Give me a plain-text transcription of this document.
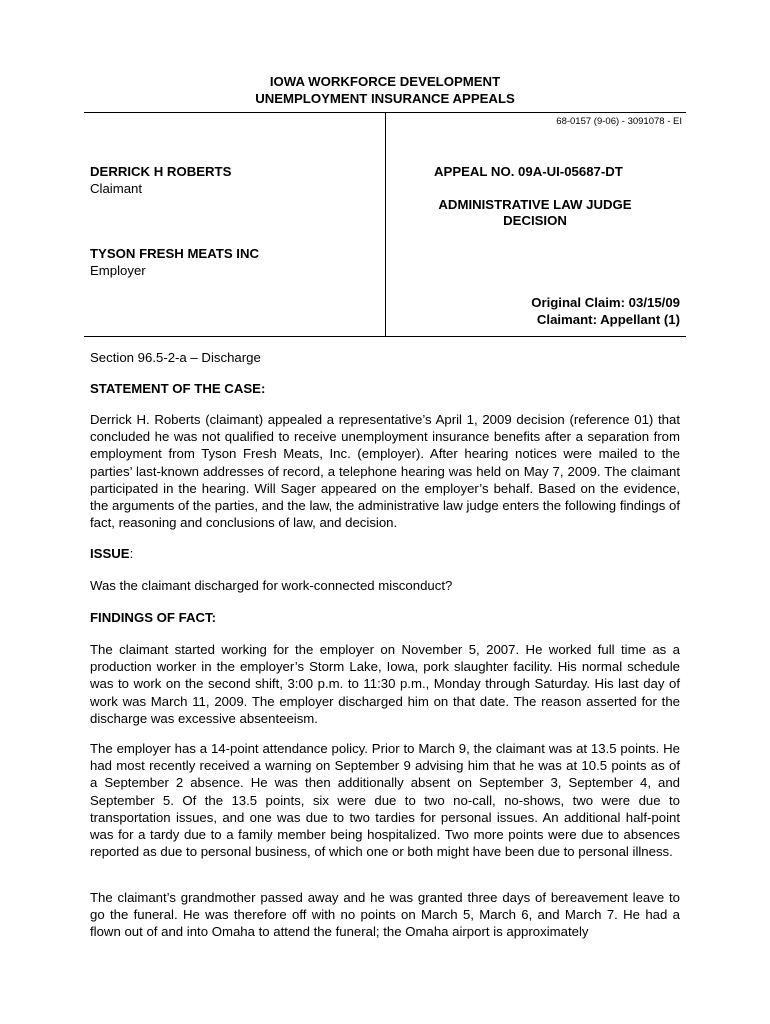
IOWA WORKFORCE DEVELOPMENT
UNEMPLOYMENT INSURANCE APPEALS
68-0157 (9-06) - 3091078 - EI
DERRICK H ROBERTS
Claimant
TYSON FRESH MEATS INC
Employer
APPEAL NO. 09A-UI-05687-DT
ADMINISTRATIVE LAW JUDGE
DECISION
Original Claim: 03/15/09
Claimant: Appellant (1)
Section 96.5-2-a – Discharge
STATEMENT OF THE CASE:
Derrick H. Roberts (claimant) appealed a representative’s April 1, 2009 decision (reference 01) that concluded he was not qualified to receive unemployment insurance benefits after a separation from employment from Tyson Fresh Meats, Inc. (employer). After hearing notices were mailed to the parties’ last-known addresses of record, a telephone hearing was held on May 7, 2009. The claimant participated in the hearing. Will Sager appeared on the employer’s behalf. Based on the evidence, the arguments of the parties, and the law, the administrative law judge enters the following findings of fact, reasoning and conclusions of law, and decision.
ISSUE:
Was the claimant discharged for work-connected misconduct?
FINDINGS OF FACT:
The claimant started working for the employer on November 5, 2007. He worked full time as a production worker in the employer’s Storm Lake, Iowa, pork slaughter facility. His normal schedule was to work on the second shift, 3:00 p.m. to 11:30 p.m., Monday through Saturday. His last day of work was March 11, 2009. The employer discharged him on that date. The reason asserted for the discharge was excessive absenteeism.
The employer has a 14-point attendance policy. Prior to March 9, the claimant was at 13.5 points. He had most recently received a warning on September 9 advising him that he was at 10.5 points as of a September 2 absence. He was then additionally absent on September 3, September 4, and September 5. Of the 13.5 points, six were due to two no-call, no-shows, two were due to transportation issues, and one was due to two tardies for personal issues. An additional half-point was for a tardy due to a family member being hospitalized. Two more points were due to absences reported as due to personal business, of which one or both might have been due to personal illness.
The claimant’s grandmother passed away and he was granted three days of bereavement leave to go the funeral. He was therefore off with no points on March 5, March 6, and March 7. He had a flown out of and into Omaha to attend the funeral; the Omaha airport is approximately
